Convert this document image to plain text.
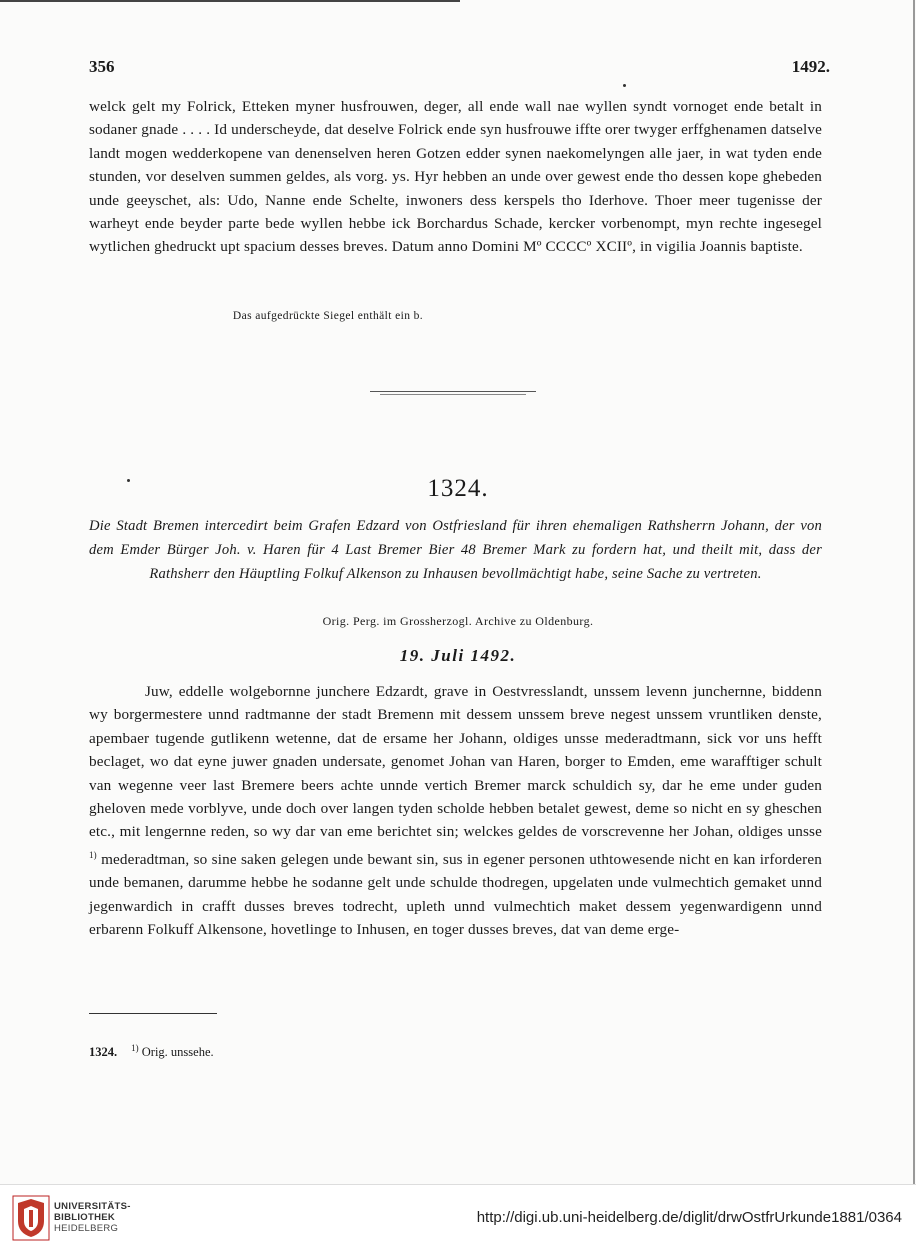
356	1492.

welck gelt my Folrick, Etteken myner husfrouwen, deger, all ende wall nae wyllen syndt vornoget ende betalt in sodaner gnade . . . . Id underscheyde, dat deselve Folrick ende syn husfrouwe iffte orer twyger erffghenamen datselve landt mogen wedderkopene van denenselven heren Gotzen edder synen naekomelyngen alle jaer, in wat tyden ende stunden, vor deselven summen geldes, als vorg. ys. Hyr hebben an unde over gewest ende tho dessen kope ghebeden unde geeyschet, als: Udo, Nanne ende Schelte, inwoners dess kerspels tho Iderhove. Thoer meer tugenisse der warheyt ende beyder parte bede wyllen hebbe ick Borchardus Schade, kercker vorbenompt, myn rechte ingesegel wytlichen ghedruckt upt spacium desses breves. Datum anno Domini Mº CCCCº XCIIº, in vigilia Joannis baptiste.

Das aufgedrückte Siegel enthält ein b.
1324.

Die Stadt Bremen intercedirt beim Grafen Edzard von Ostfriesland für ihren ehemaligen Rathsherrn Johann, der von dem Emder Bürger Joh. v. Haren für 4 Last Bremer Bier 48 Bremer Mark zu fordern hat, und theilt mit, dass der Rathsherr den Häuptling Folkuf Alkenson zu Inhausen bevollmächtigt habe, seine Sache zu vertreten.

Orig. Perg. im Grossherzogl. Archive zu Oldenburg.
19. Juli 1492.

Juw, eddelle wolgebornne junchere Edzardt, grave in Oestvresslandt, unssem levenn junchernne, biddenn wy borgermestere unnd radtmanne der stadt Bremenn mit dessem unssem breve negest unssem vruntliken denste, apembaer tugende gutlikenn wetenne, dat de ersame her Johann, oldiges unsse mederadtmann, sick vor uns hefft beclaget, wo dat eyne juwer gnaden undersate, genomet Johan van Haren, borger to Emden, eme warafftiger schult van wegenne veer last Bremere beers achte unnde vertich Bremer marck schuldich sy, dar he eme under guden gheloven mede vorblyve, unde doch over langen tyden scholde hebben betalet gewest, deme so nicht en sy gheschen etc., mit lengernne reden, so wy dar van eme berichtet sin; welckes geldes de vorscrevenne her Johan, oldiges unsse $^{1)}$ mederadtman, so sine saken gelegen unde bewant sin, sus in egener personen uthtowesende nicht en kan irforderen unde bemanen, darumme hebbe he sodanne gelt unde schulde thodregen, upgelaten unde vulmechtich gemaket unnd jegenwardich in crafft dusses breves todrecht, upleth unnd vulmechtich maket dessem yegenwardigenn unnd erbarenn Folkuff Alkensone, hovetlinge to Inhusen, en toger dusses breves, dat van deme erge-

1324. $^{1)}$ Orig. unssehe.
UNIVERSITÄTS-
BIBLIOTHEK
HEIDELBERG
http://digi.ub.uni-heidelberg.de/diglit/drwOstfrUrkunde1881/0364
